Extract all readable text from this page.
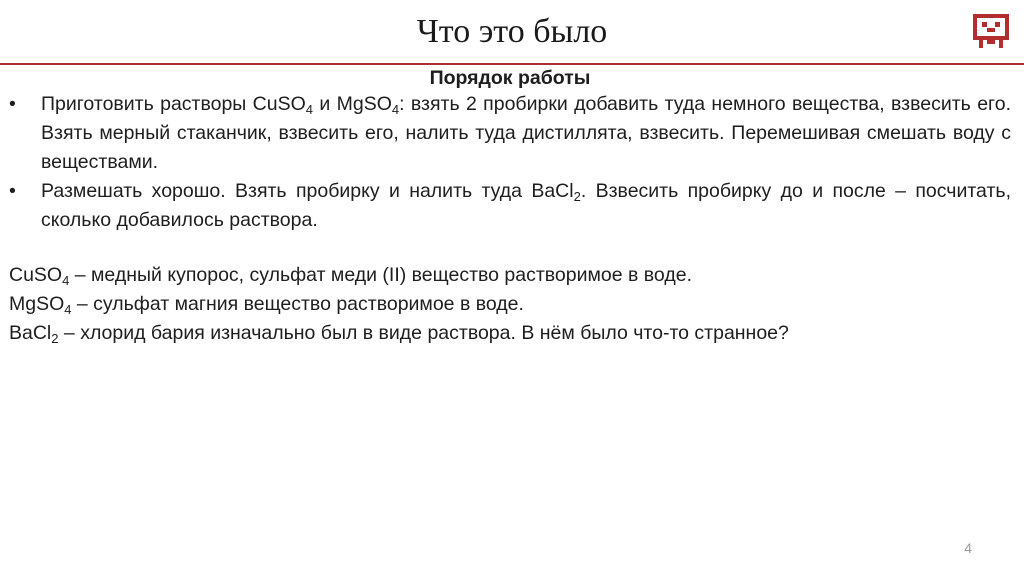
Что это было

Порядок работы

• Приготовить растворы CuSO$_4$ и MgSO$_4$: взять 2 пробирки добавить туда немного вещества, взвесить его. Взять мерный стаканчик, взвесить его, налить туда дистиллята, взвесить. Перемешивая смешать воду с веществами.
• Размешать хорошо. Взять пробирку и налить туда BaCl$_2$. Взвесить пробирку до и после – посчитать, сколько добавилось раствора.

CuSO$_4$ – медный купорос, сульфат меди (II) вещество растворимое в воде.

MgSO$_4$ – сульфат магния вещество растворимое в воде.

BaCl$_2$ – хлорид бария изначально был в виде раствора. В нём было что-то странное?

4
